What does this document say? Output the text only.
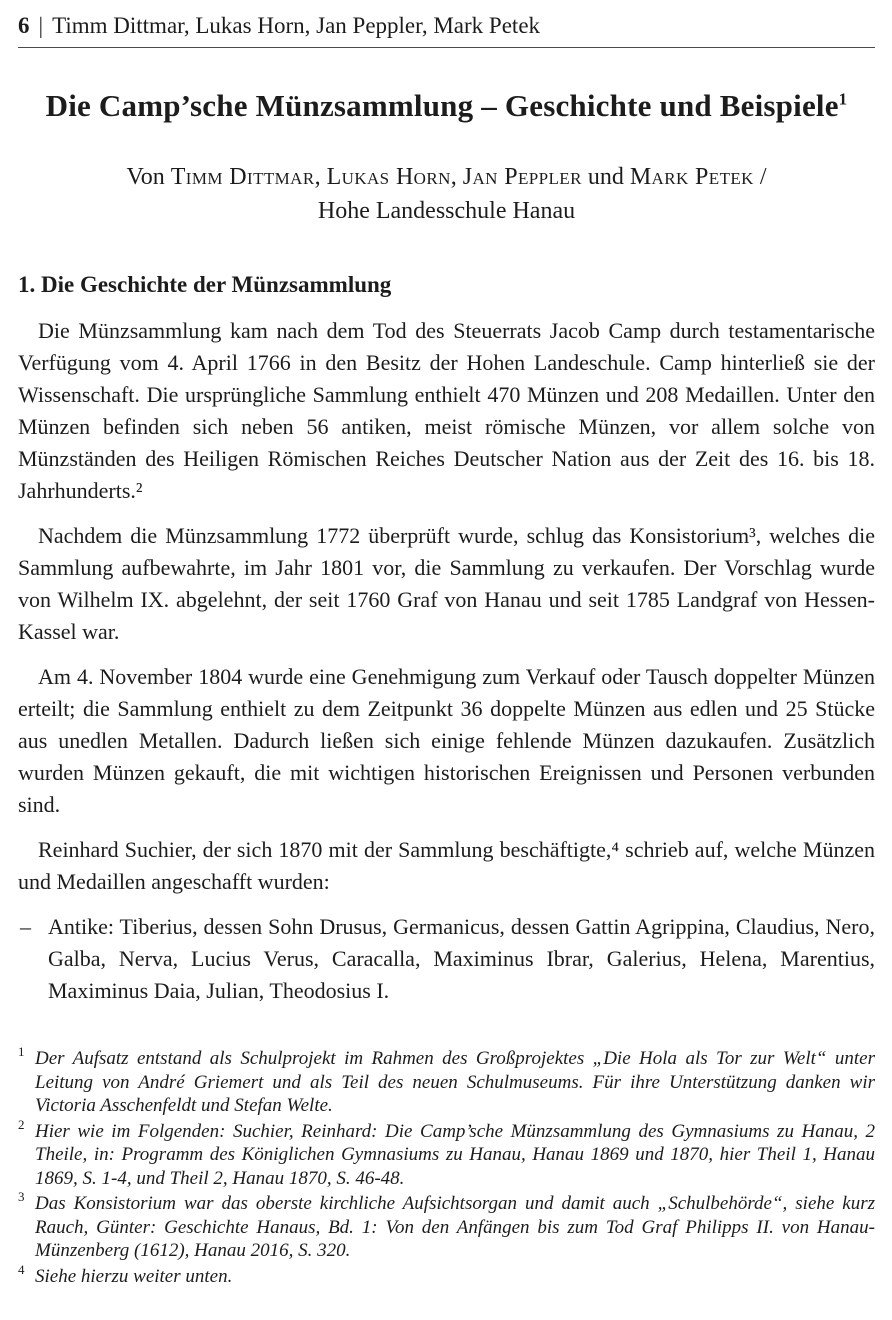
6 | Timm Dittmar, Lukas Horn, Jan Peppler, Mark Petek
Die Camp’sche Münzsammlung – Geschichte und Beispiele$^1$
Von Timm Dittmar, Lukas Horn, Jan Peppler und Mark Petek /
Hohe Landesschule Hanau
1. Die Geschichte der Münzsammlung

Die Münzsammlung kam nach dem Tod des Steuerrats Jacob Camp durch testamentarische Verfügung vom 4. April 1766 in den Besitz der Hohen Landeschule. Camp hinterließ sie der Wissenschaft. Die ursprüngliche Sammlung enthielt 470 Münzen und 208 Medaillen. Unter den Münzen befinden sich neben 56 antiken, meist römische Münzen, vor allem solche von Münzständen des Heiligen Römischen Reiches Deutscher Nation aus der Zeit des 16. bis 18. Jahrhunderts.²

Nachdem die Münzsammlung 1772 überprüft wurde, schlug das Konsistorium³, welches die Sammlung aufbewahrte, im Jahr 1801 vor, die Sammlung zu verkaufen. Der Vorschlag wurde von Wilhelm IX. abgelehnt, der seit 1760 Graf von Hanau und seit 1785 Landgraf von Hessen-Kassel war.

Am 4. November 1804 wurde eine Genehmigung zum Verkauf oder Tausch doppelter Münzen erteilt; die Sammlung enthielt zu dem Zeitpunkt 36 doppelte Münzen aus edlen und 25 Stücke aus unedlen Metallen. Dadurch ließen sich einige fehlende Münzen dazukaufen. Zusätzlich wurden Münzen gekauft, die mit wichtigen historischen Ereignissen und Personen verbunden sind.

Reinhard Suchier, der sich 1870 mit der Sammlung beschäftigte,⁴ schrieb auf, welche Münzen und Medaillen angeschafft wurden:

– Antike: Tiberius, dessen Sohn Drusus, Germanicus, dessen Gattin Agrippina, Claudius, Nero, Galba, Nerva, Lucius Verus, Caracalla, Maximinus Ibrar, Galerius, Helena, Marentius, Maximinus Daia, Julian, Theodosius I.
1 Der Aufsatz entstand als Schulprojekt im Rahmen des Großprojektes „Die Hola als Tor zur Welt“ unter Leitung von André Griemert und als Teil des neuen Schulmuseums. Für ihre Unterstützung danken wir Victoria Asschenfeldt und Stefan Welte.
2 Hier wie im Folgenden: Suchier, Reinhard: Die Camp’sche Münzsammlung des Gymnasiums zu Hanau, 2 Theile, in: Programm des Königlichen Gymnasiums zu Hanau, Hanau 1869 und 1870, hier Theil 1, Hanau 1869, S. 1-4, und Theil 2, Hanau 1870, S. 46-48.
3 Das Konsistorium war das oberste kirchliche Aufsichtsorgan und damit auch „Schulbehörde“, siehe kurz Rauch, Günter: Geschichte Hanaus, Bd. 1: Von den Anfängen bis zum Tod Graf Philipps II. von Hanau-Münzenberg (1612), Hanau 2016, S. 320.
4 Siehe hierzu weiter unten.
